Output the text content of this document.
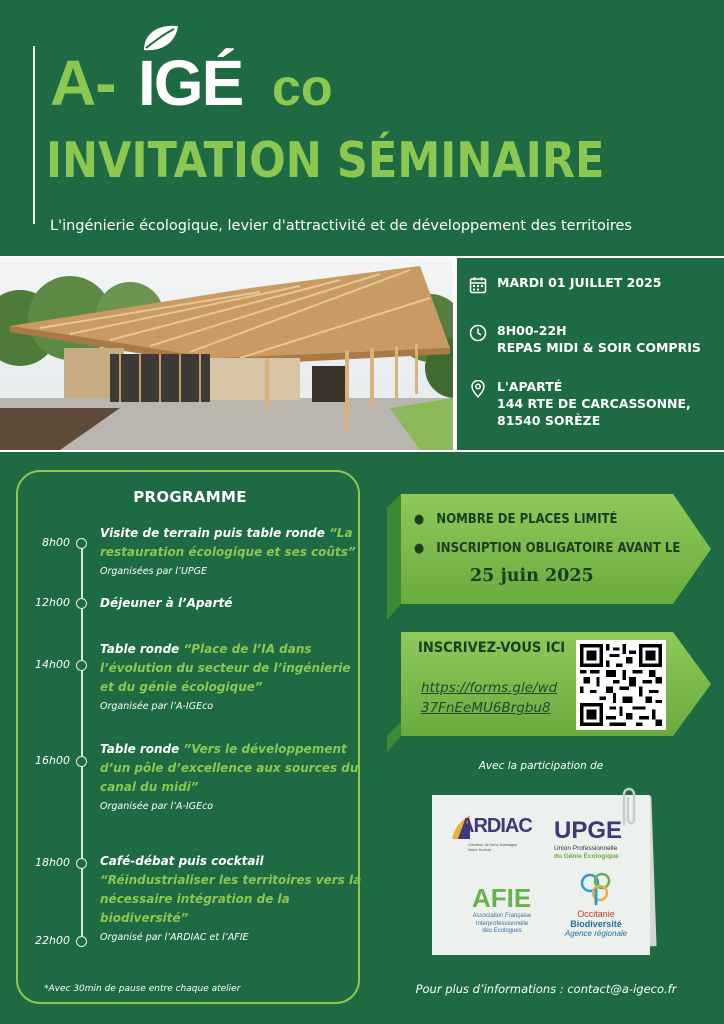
A- IGÉ co
INVITATION SÉMINAIRE
L'ingénierie écologique, levier d'attractivité et de développement des territoires
MARDI 01 JUILLET 2025
8H00-22H
REPAS MIDI & SOIR COMPRIS
L'APARTÉ
144 RTE DE CARCASSONNE,
81540 SORÈZE
PROGRAMME
8h00
Visite de terrain puis table ronde “La
restauration écologique et ses coûts”
Organisées par l’UPGE
12h00	Déjeuner à l’Aparté
14h00
Table ronde “Place de l’IA dans
l’évolution du secteur de l’ingénierie
et du génie écologique”
Organisée par l’A-IGEco
16h00
Table ronde ”Vers le développement
d’un pôle d’excellence aux sources du
canal du midi”
Organisée par l’A-IGEco
18h00	Café-débat puis cocktail
“Réindustrialiser les territoires vers la
nécessaire intégration de la
biodiversité”
Organisé par l’ARDIAC et l’AFIE
22h00
*Avec 30min de pause entre chaque atelier
●   NOMBRE DE PLACES LIMITÉ
●   INSCRIPTION OBLIGATOIRE AVANT LE
25 juin 2025
INSCRIVEZ-VOUS ICI
https://forms.gle/wd
37FnEeMU6Brgbu8
Avec la participation de
ARDIAC
Créateur de liens Montagne Noire Sorèze
UPGE
Union Professionnelle
du Génie Écologique
AFIE
Association Française
Interprofessionnelle
des Ecologues
Occitanie
Biodiversité
Agence régionale
Pour plus d’informations : contact@a-igeco.fr
